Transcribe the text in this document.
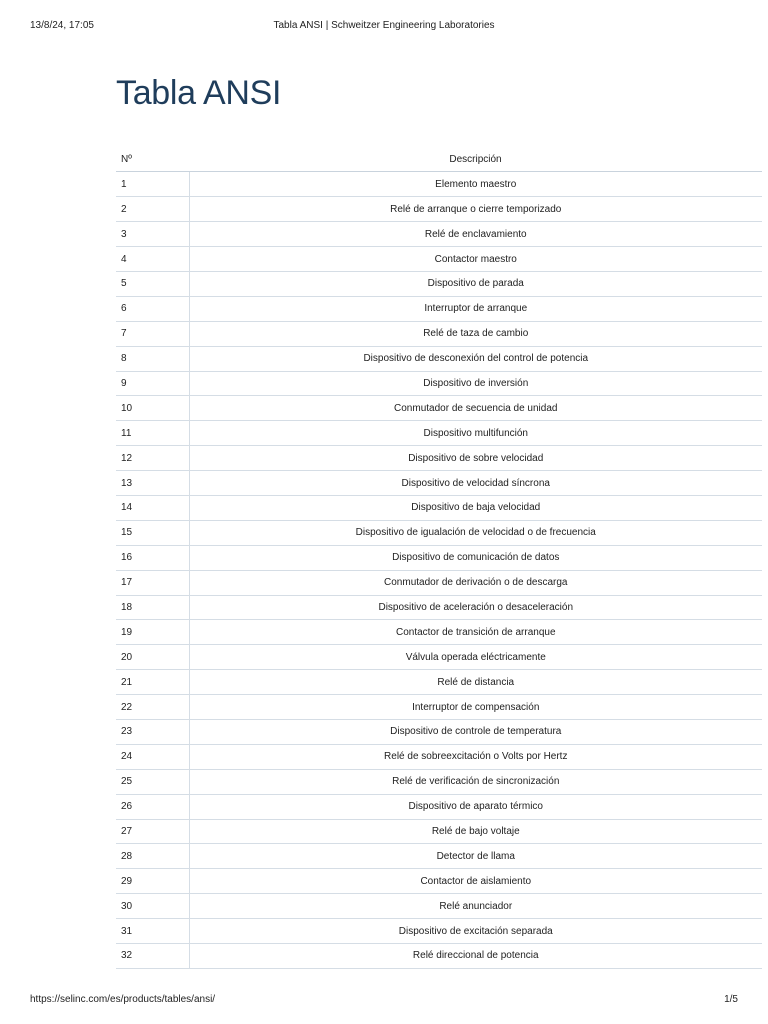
13/8/24, 17:05	Tabla ANSI | Schweitzer Engineering Laboratories
Tabla ANSI
Nº	Descripción
1	Elemento maestro
2	Relé de arranque o cierre temporizado
3	Relé de enclavamiento
4	Contactor maestro
5	Dispositivo de parada
6	Interruptor de arranque
7	Relé de taza de cambio
8	Dispositivo de desconexión del control de potencia
9	Dispositivo de inversión
10	Conmutador de secuencia de unidad
11	Dispositivo multifunción
12	Dispositivo de sobre velocidad
13	Dispositivo de velocidad síncrona
14	Dispositivo de baja velocidad
15	Dispositivo de igualación de velocidad o de frecuencia
16	Dispositivo de comunicación de datos
17	Conmutador de derivación o de descarga
18	Dispositivo de aceleración o desaceleración
19	Contactor de transición de arranque
20	Válvula operada eléctricamente
21	Relé de distancia
22	Interruptor de compensación
23	Dispositivo de controle de temperatura
24	Relé de sobreexcitación o Volts por Hertz
25	Relé de verificación de sincronización
26	Dispositivo de aparato térmico
27	Relé de bajo voltaje
28	Detector de llama
29	Contactor de aislamiento
30	Relé anunciador
31	Dispositivo de excitación separada
32	Relé direccional de potencia
https://selinc.com/es/products/tables/ansi/	1/5
